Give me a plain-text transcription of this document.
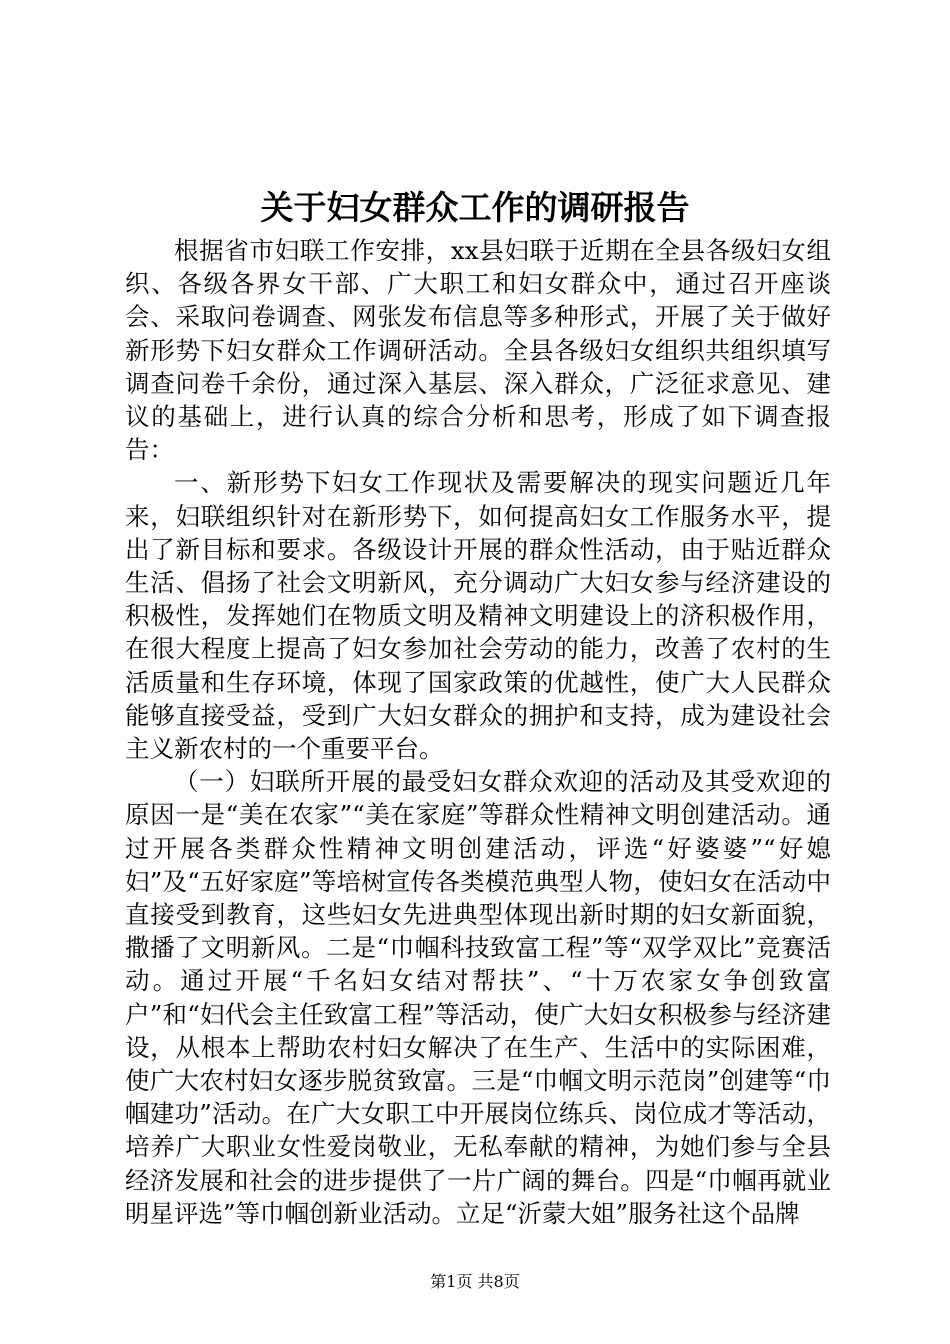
关于妇女群众工作的调研报告

根据省市妇联工作安排，xx县妇联于近期在全县各级妇女组织、各级各界女干部、广大职工和妇女群众中，通过召开座谈会、采取问卷调查、网张发布信息等多种形式，开展了关于做好新形势下妇女群众工作调研活动。全县各级妇女组织共组织填写调查问卷千余份，通过深入基层、深入群众，广泛征求意见、建议的基础上，进行认真的综合分析和思考，形成了如下调查报告：

一、新形势下妇女工作现状及需要解决的现实问题近几年来，妇联组织针对在新形势下，如何提高妇女工作服务水平，提出了新目标和要求。各级设计开展的群众性活动，由于贴近群众生活、倡扬了社会文明新风，充分调动广大妇女参与经济建设的积极性，发挥她们在物质文明及精神文明建设上的济积极作用，在很大程度上提高了妇女参加社会劳动的能力，改善了农村的生活质量和生存环境，体现了国家政策的优越性，使广大人民群众能够直接受益，受到广大妇女群众的拥护和支持，成为建设社会主义新农村的一个重要平台。

（一）妇联所开展的最受妇女群众欢迎的活动及其受欢迎的原因一是“美在农家”“美在家庭”等群众性精神文明创建活动。通过开展各类群众性精神文明创建活动，评选“好婆婆”“好媳妇”及“五好家庭”等培树宣传各类模范典型人物，使妇女在活动中直接受到教育，这些妇女先进典型体现出新时期的妇女新面貌，撒播了文明新风。二是“巾帼科技致富工程”等“双学双比”竞赛活动。通过开展“千名妇女结对帮扶”、“十万农家女争创致富户”和“妇代会主任致富工程”等活动，使广大妇女积极参与经济建设，从根本上帮助农村妇女解决了在生产、生活中的实际困难，使广大农村妇女逐步脱贫致富。三是“巾帼文明示范岗”创建等“巾帼建功”活动。在广大女职工中开展岗位练兵、岗位成才等活动，培养广大职业女性爱岗敬业，无私奉献的精神，为她们参与全县经济发展和社会的进步提供了一片广阔的舞台。四是“巾帼再就业明星评选”等巾帼创新业活动。立足“沂蒙大姐”服务社这个品牌

第1页 共8页
